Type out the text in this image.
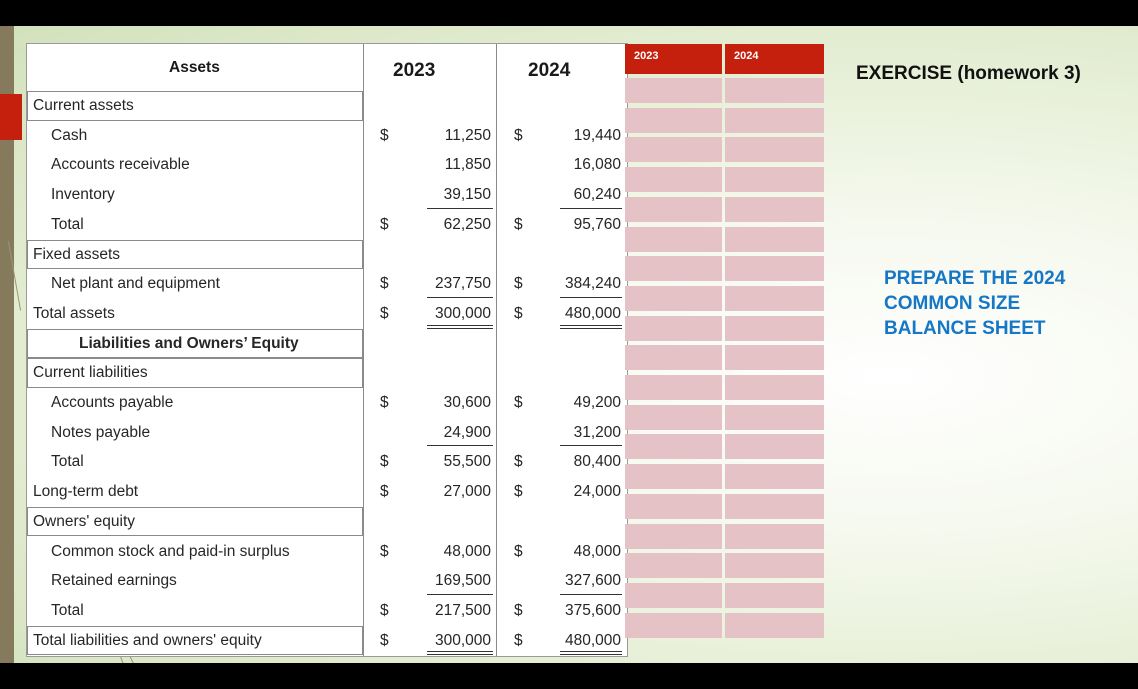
Assets	2023	2024
Current assets
Cash	$	11,250 $	19,440
Accounts receivable	11,850	16,080
Inventory	39,150	60,240
Total	$	62,250 $	95,760
Fixed assets
Net plant and equipment	$	237,750 $	384,240
Total assets	$	300,000 $	480,000
Liabilities and Owners’ Equity
Current liabilities
Accounts payable	$	30,600 $	49,200
Notes payable	24,900	31,200
Total	$	55,500 $	80,400
Long-term debt	$	27,000 $	24,000
Owners' equity
Common stock and paid-in surplus	$	48,000 $	48,000
Retained earnings	169,500	327,600
Total	$	217,500 $	375,600
Total liabilities and owners' equity	$	300,000 $	480,000
2023	2024
EXERCISE (homework 3)
PREPARE THE 2024
COMMON SIZE
BALANCE SHEET
